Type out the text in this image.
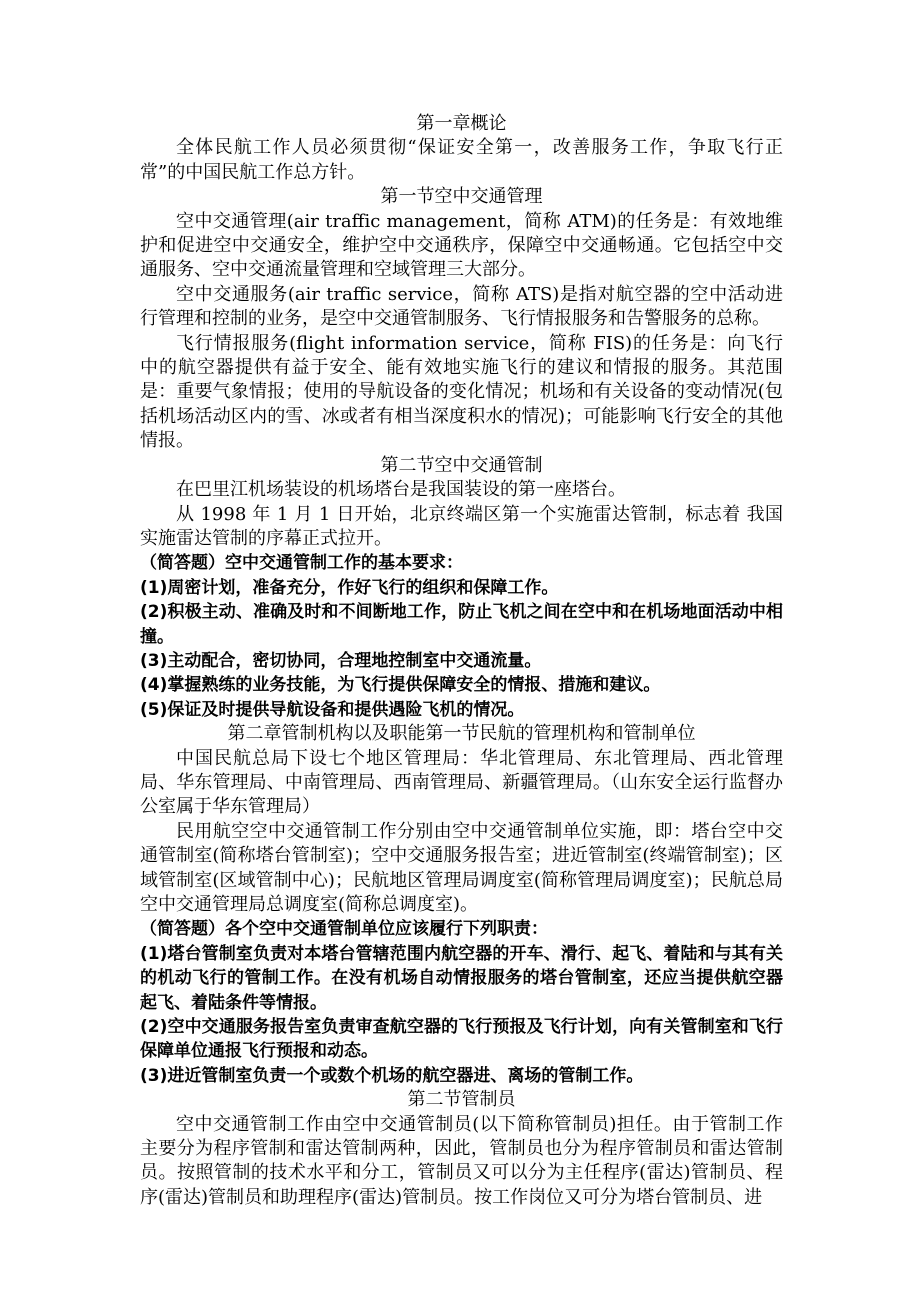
第一章概论

全体民航工作人员必须贯彻“保证安全第一，改善服务工作，争取飞行正常”的中国民航工作总方针。

第一节空中交通管理

空中交通管理(air traffic management，简称 ATM)的任务是：有效地维护和促进空中交通安全，维护空中交通秩序，保障空中交通畅通。它包括空中交通服务、空中交通流量管理和空域管理三大部分。

空中交通服务(air traffic service，简称 ATS)是指对航空器的空中活动进行管理和控制的业务，是空中交通管制服务、飞行情报服务和告警服务的总称。

飞行情报服务(flight information service，简称 FIS)的任务是：向飞行中的航空器提供有益于安全、能有效地实施飞行的建议和情报的服务。其范围是：重要气象情报；使用的导航设备的变化情况；机场和有关设备的变动情况(包括机场活动区内的雪、冰或者有相当深度积水的情况)；可能影响飞行安全的其他情报。

第二节空中交通管制

在巴里江机场装设的机场塔台是我国装设的第一座塔台。

从 1998 年 1 月 1 日开始，北京终端区第一个实施雷达管制，标志着 我国实施雷达管制的序幕正式拉开。

（简答题）空中交通管制工作的基本要求：

(1)周密计划，准备充分，作好飞行的组织和保障工作。

(2)积极主动、准确及时和不间断地工作，防止飞机之间在空中和在机场地面活动中相撞。

(3)主动配合，密切协同，合理地控制室中交通流量。

(4)掌握熟练的业务技能，为飞行提供保障安全的情报、措施和建议。

(5)保证及时提供导航设备和提供遇险飞机的情况。

第二章管制机构以及职能第一节民航的管理机构和管制单位

中国民航总局下设七个地区管理局：华北管理局、东北管理局、西北管理局、华东管理局、中南管理局、西南管理局、新疆管理局。（山东安全运行监督办公室属于华东管理局）

民用航空空中交通管制工作分别由空中交通管制单位实施，即：塔台空中交通管制室(简称塔台管制室)；空中交通服务报告室；进近管制室(终端管制室)；区域管制室(区域管制中心)；民航地区管理局调度室(简称管理局调度室)；民航总局空中交通管理局总调度室(简称总调度室)。

（简答题）各个空中交通管制单位应该履行下列职责：

(1)塔台管制室负责对本塔台管辖范围内航空器的开车、滑行、起飞、着陆和与其有关的机动飞行的管制工作。在没有机场自动情报服务的塔台管制室，还应当提供航空器起飞、着陆条件等情报。

(2)空中交通服务报告室负责审查航空器的飞行预报及飞行计划，向有关管制室和飞行保障单位通报飞行预报和动态。

(3)进近管制室负责一个或数个机场的航空器进、离场的管制工作。

第二节管制员

空中交通管制工作由空中交通管制员(以下简称管制员)担任。由于管制工作主要分为程序管制和雷达管制两种，因此，管制员也分为程序管制员和雷达管制员。按照管制的技术水平和分工，管制员又可以分为主任程序(雷达)管制员、程序(雷达)管制员和助理程序(雷达)管制员。按工作岗位又可分为塔台管制员、进
